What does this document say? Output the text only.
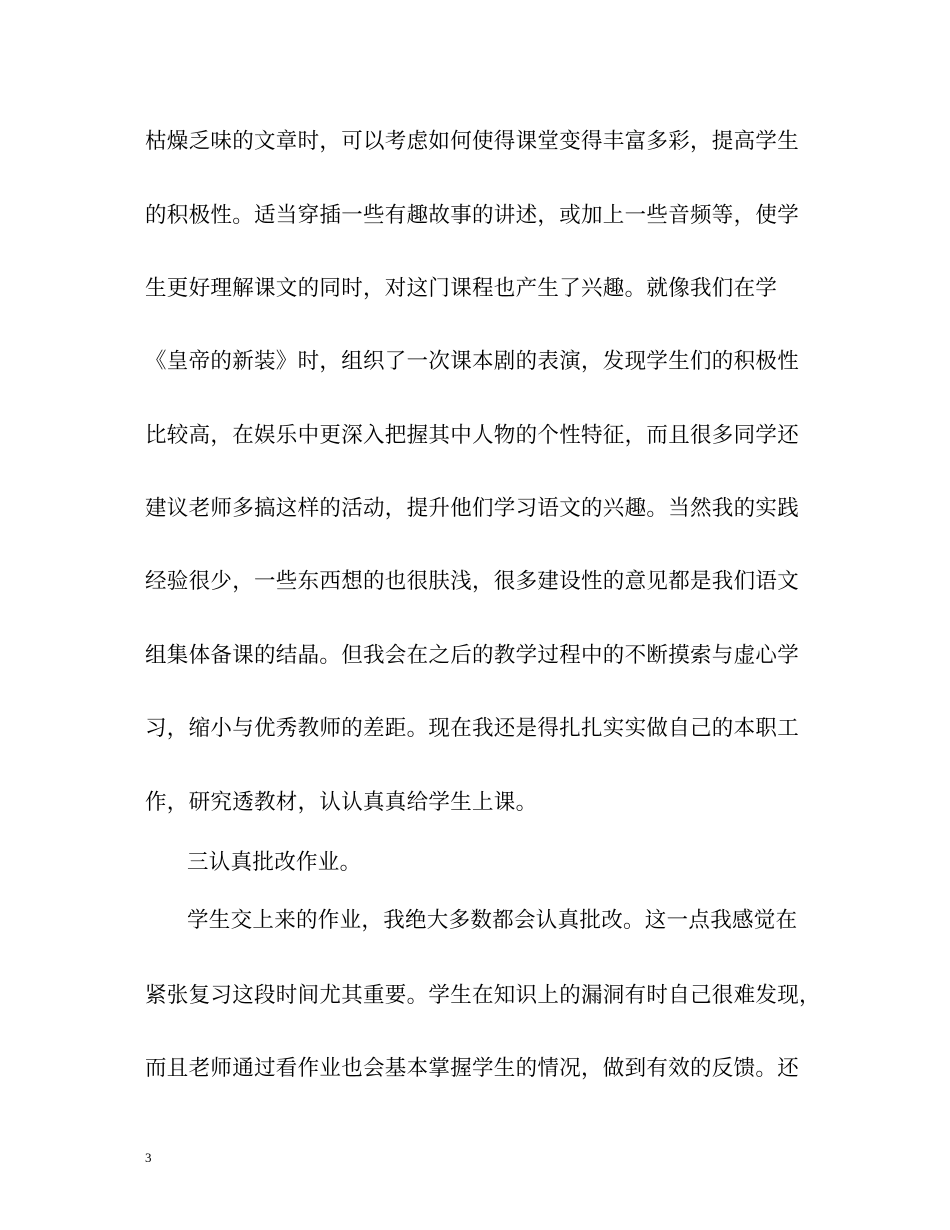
枯燥乏味的文章时，可以考虑如何使得课堂变得丰富多彩，提高学生
的积极性。适当穿插一些有趣故事的讲述，或加上一些音频等，使学
生更好理解课文的同时，对这门课程也产生了兴趣。就像我们在学
《皇帝的新装》时，组织了一次课本剧的表演，发现学生们的积极性
比较高，在娱乐中更深入把握其中人物的个性特征，而且很多同学还
建议老师多搞这样的活动，提升他们学习语文的兴趣。当然我的实践
经验很少，一些东西想的也很肤浅，很多建设性的意见都是我们语文
组集体备课的结晶。但我会在之后的教学过程中的不断摸索与虚心学
习，缩小与优秀教师的差距。现在我还是得扎扎实实做自己的本职工
作，研究透教材，认认真真给学生上课。
三认真批改作业。
学生交上来的作业，我绝大多数都会认真批改。这一点我感觉在
紧张复习这段时间尤其重要。学生在知识上的漏洞有时自己很难发现，
而且老师通过看作业也会基本掌握学生的情况，做到有效的反馈。还
3
